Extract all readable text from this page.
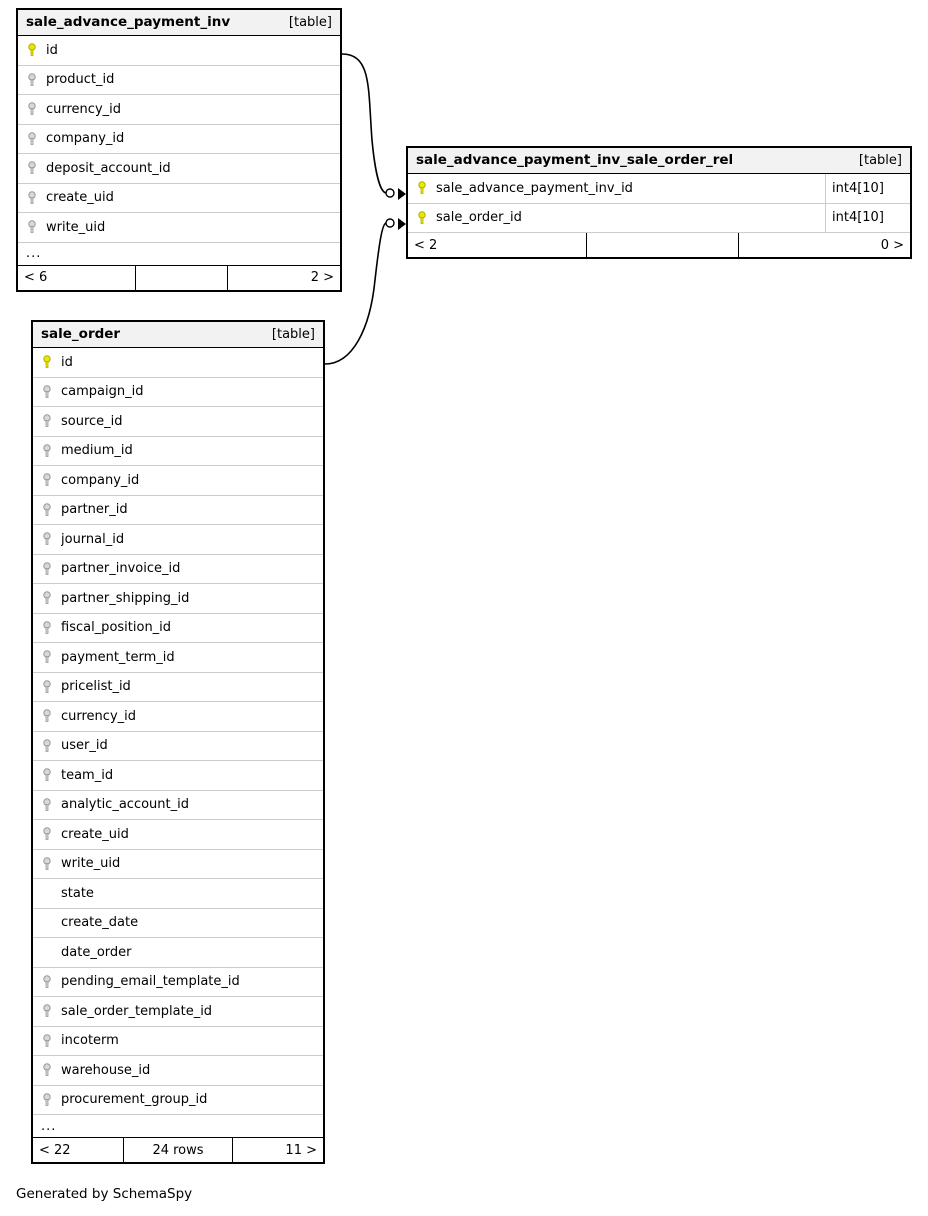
sale_advance_payment_inv	[table]
id
product_id
currency_id
company_id
deposit_account_id
create_uid
write_uid
...
< 6	2 >
sale_advance_payment_inv_sale_order_rel	[table]
sale_advance_payment_inv_id	int4[10]
sale_order_id	int4[10]
< 2	0 >
sale_order	[table]
id
campaign_id
source_id
medium_id
company_id
partner_id
journal_id
partner_invoice_id
partner_shipping_id
fiscal_position_id
payment_term_id
pricelist_id
currency_id
user_id
team_id
analytic_account_id
create_uid
write_uid
state
create_date
date_order
pending_email_template_id
sale_order_template_id
incoterm
warehouse_id
procurement_group_id
...
< 22	24 rows	11 >
Generated by SchemaSpy
